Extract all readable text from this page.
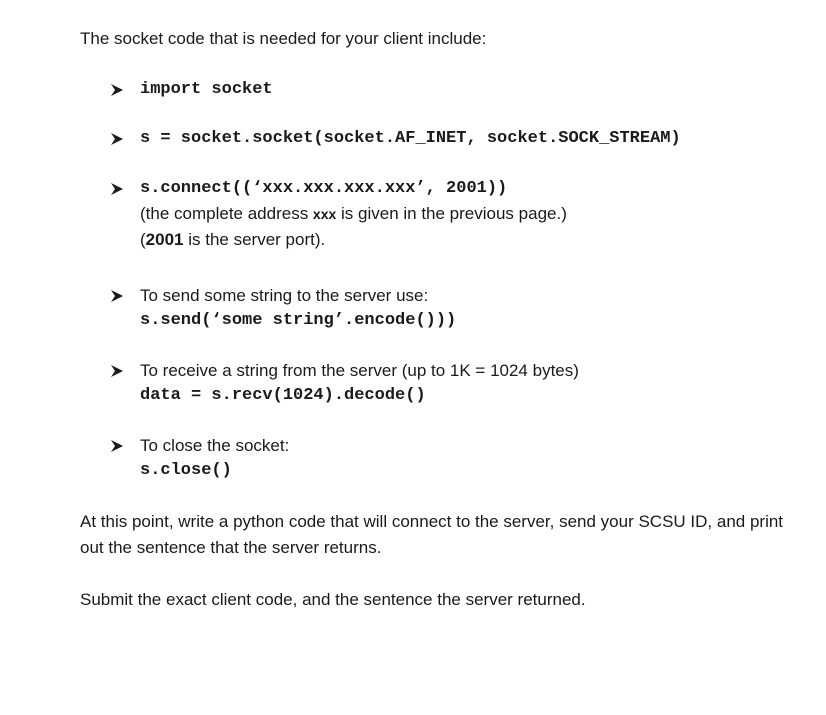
The socket code that is needed for your client include:

import socket
s = socket.socket(socket.AF_INET, socket.SOCK_STREAM)
s.connect((‘xxx.xxx.xxx.xxx’, 2001))
(the complete address xxx is given in the previous page.)
(2001 is the server port).
To send some string to the server use:
s.send(‘some string’.encode()))
To receive a string from the server (up to 1K = 1024 bytes)
data = s.recv(1024).decode()
To close the socket:
s.close()

At this point, write a python code that will connect to the server, send your SCSU ID, and print out the sentence that the server returns.

Submit the exact client code, and the sentence the server returned.
